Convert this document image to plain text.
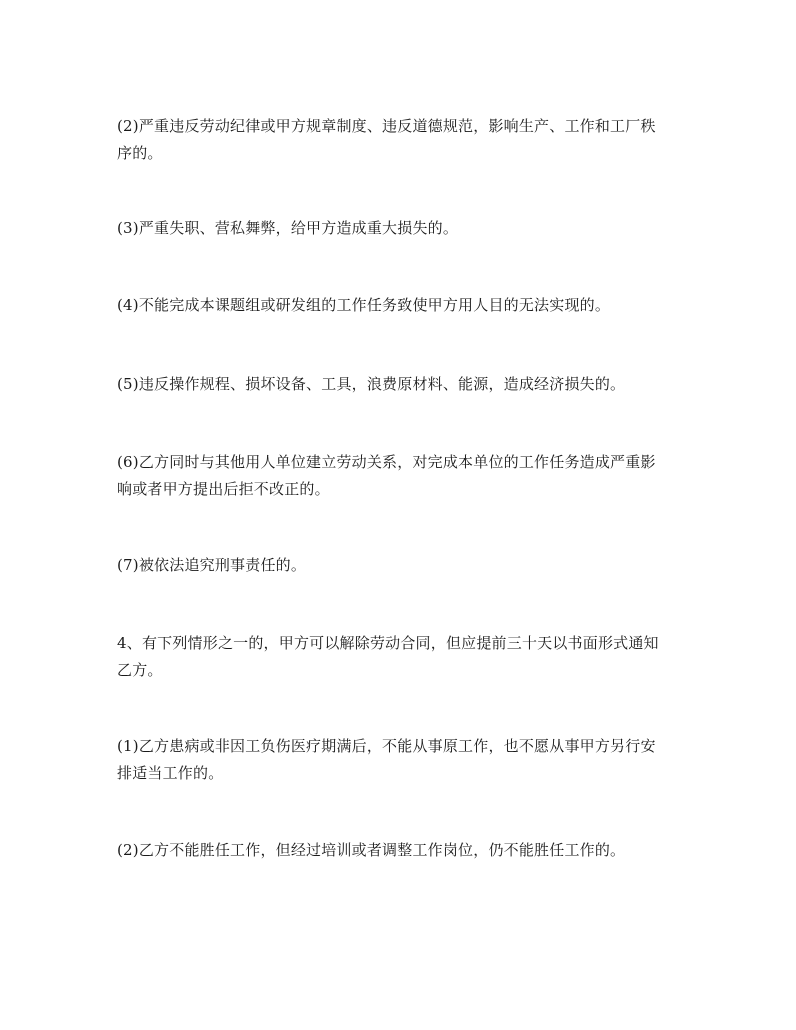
(2)严重违反劳动纪律或甲方规章制度、违反道德规范，影响生产、工作和工厂秩
序的。

(3)严重失职、营私舞弊，给甲方造成重大损失的。

(4)不能完成本课题组或研发组的工作任务致使甲方用人目的无法实现的。

(5)违反操作规程、损坏设备、工具，浪费原材料、能源，造成经济损失的。

(6)乙方同时与其他用人单位建立劳动关系，对完成本单位的工作任务造成严重影
响或者甲方提出后拒不改正的。

(7)被依法追究刑事责任的。

4、有下列情形之一的，甲方可以解除劳动合同，但应提前三十天以书面形式通知
乙方。

(1)乙方患病或非因工负伤医疗期满后，不能从事原工作，也不愿从事甲方另行安
排适当工作的。

(2)乙方不能胜任工作，但经过培训或者调整工作岗位，仍不能胜任工作的。
